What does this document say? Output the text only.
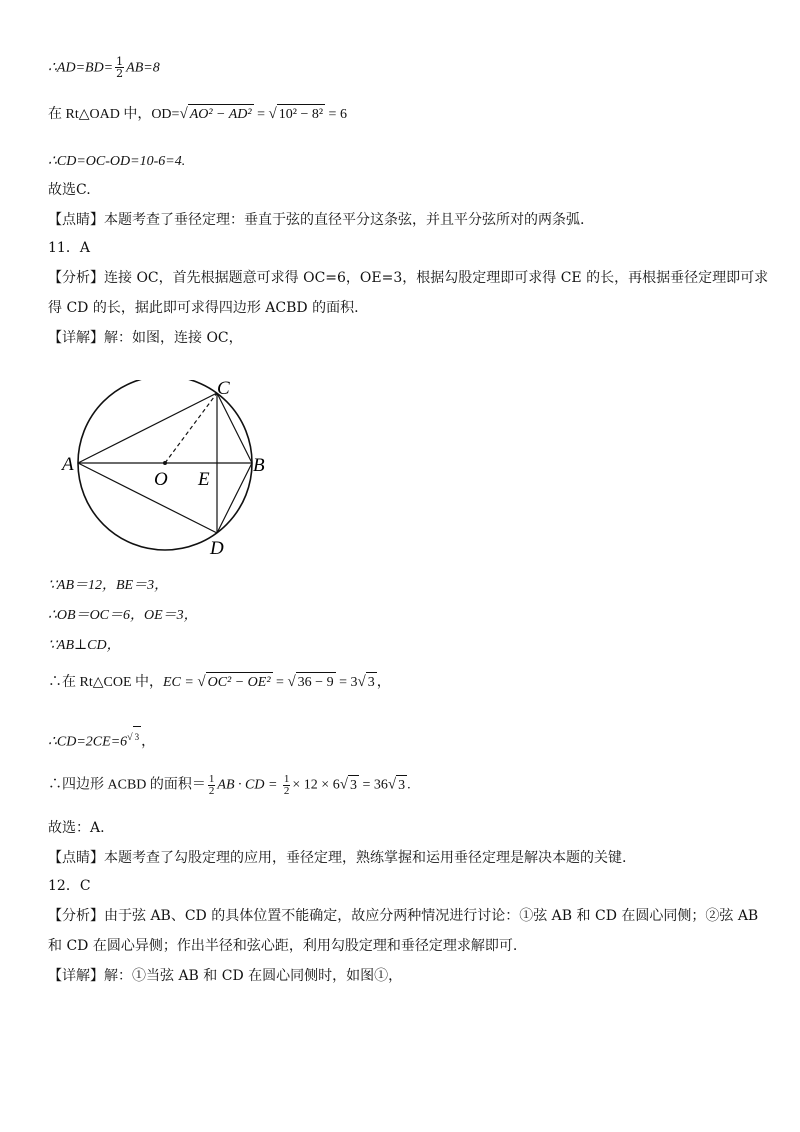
∴AD=BD= $\frac{1}{2} AB=8$
在 Rt△OAD 中，OD=√ AO² − AD² = √ 10² − 8² = 6
∴CD=OC-OD=10-6=4.
故选C.
【点睛】本题考查了垂径定理：垂直于弦的直径平分这条弦，并且平分弦所对的两条弧.
11．A
【分析】连接 OC，首先根据题意可求得 OC=6，OE=3，根据勾股定理即可求得 CE 的长，再根据垂径定理即可求
得 CD 的长，据此即可求得四边形 ACBD 的面积.
【详解】解：如图，连接 OC，
A	B
C
D
O E
∵AB＝12，BE＝3，
∴OB＝OC＝6，OE＝3，
∵AB⊥CD，
∴在 Rt△COE 中，EC = √ OC² − OE² = √ 36 − 9 = 3√ 3 ，
$\therefore CD=2CE=6^{√ 3}$ ，
∴四边形 ACBD 的面积＝ $\frac{1}{2}$ AB · CD = $\frac{1}{2} \times 12 \times 6√$ 3 = 36√ 3 .
故选：A.
【点睛】本题考查了勾股定理的应用，垂径定理，熟练掌握和运用垂径定理是解决本题的关键.
12．C
【分析】由于弦 AB、CD 的具体位置不能确定，故应分两种情况进行讨论：①弦 AB 和 CD 在圆心同侧；②弦 AB
和 CD 在圆心异侧；作出半径和弦心距，利用勾股定理和垂径定理求解即可.
【详解】解：①当弦 AB 和 CD 在圆心同侧时，如图①，
